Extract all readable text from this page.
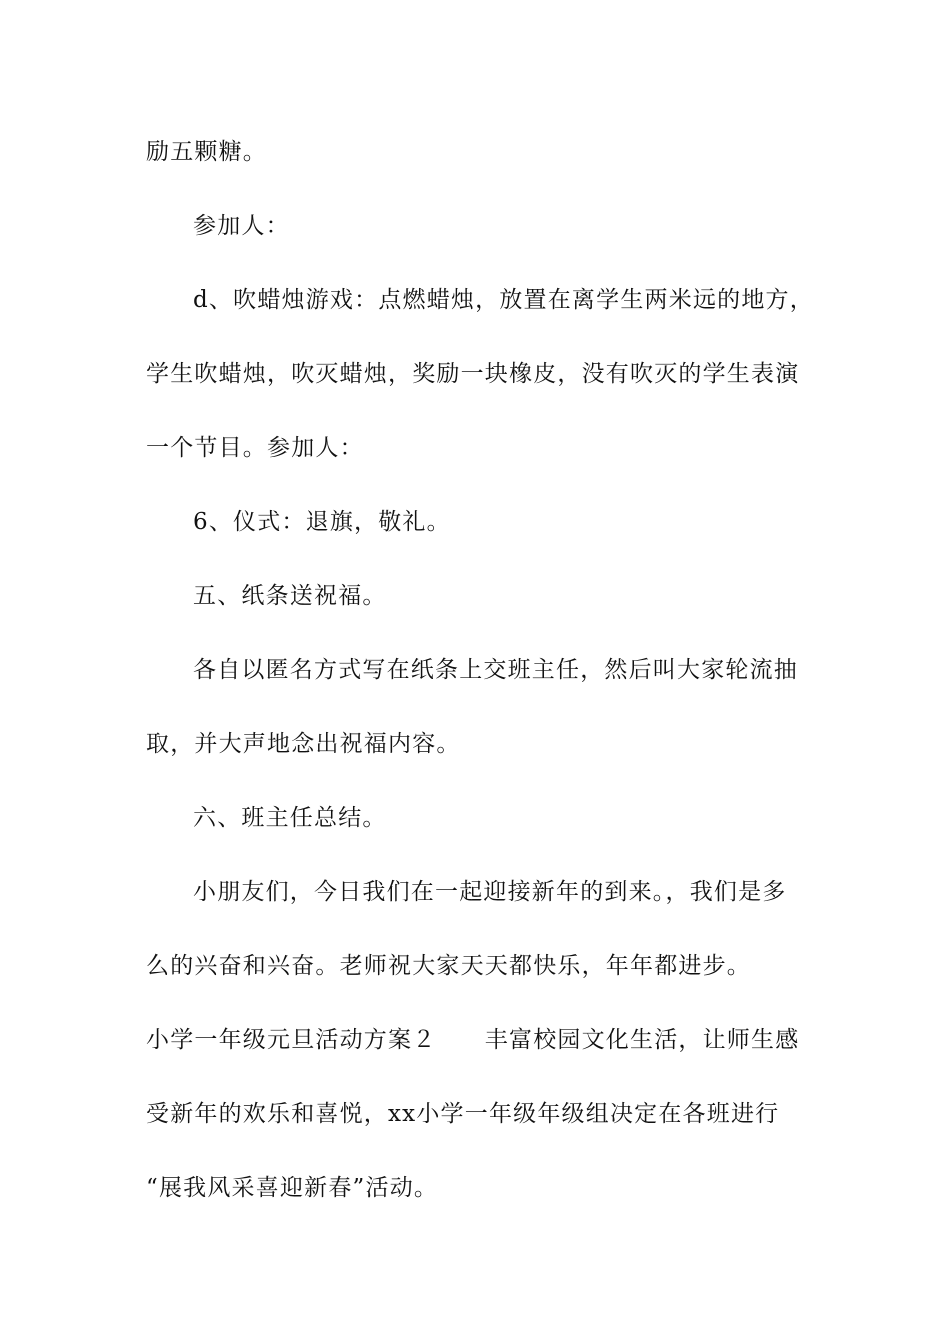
励五颗糖。
参加人：
d、吹蜡烛游戏：点燃蜡烛，放置在离学生两米远的地方，
学生吹蜡烛，吹灭蜡烛，奖励一块橡皮，没有吹灭的学生表演
一个节目。参加人：
6、仪式：退旗，敬礼。
五、纸条送祝福。
各自以匿名方式写在纸条上交班主任，然后叫大家轮流抽
取，并大声地念出祝福内容。
六、班主任总结。
小朋友们，今日我们在一起迎接新年的到来。，我们是多
么的兴奋和兴奋。老师祝大家天天都快乐，年年都进步。
小学一年级元旦活动方案２　　丰富校园文化生活，让师生感
受新年的欢乐和喜悦，xx小学一年级年级组决定在各班进行
“展我风采喜迎新春”活动。
